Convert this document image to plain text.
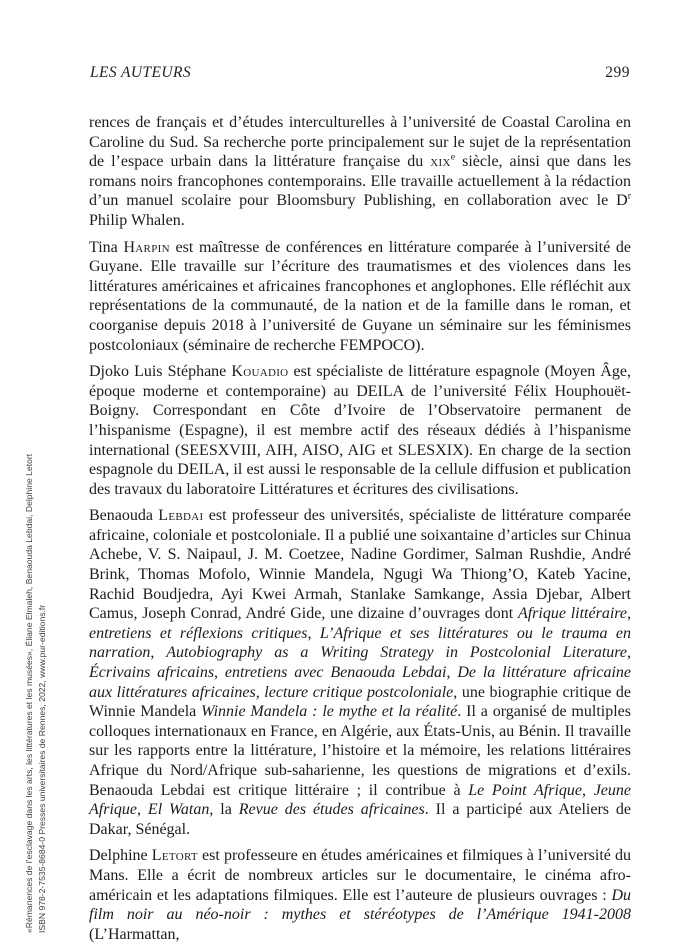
«Rémanences de l’esclavage dans les arts, les littératures et les musées», Éliane Elmaleh, Benaouda Lebdai, Delphine Letort ISBN 978-2-7535-8684-0 Presses universitaires de Rennes, 2022, www.pur-editions.fr
LES AUTEURS	299

rences de français et d’études interculturelles à l’université de Coastal Carolina en Caroline du Sud. Sa recherche porte principalement sur le sujet de la représentation de l’espace urbain dans la littérature française du xix$^e$ siècle, ainsi que dans les romans noirs francophones contemporains. Elle travaille actuellement à la rédaction d’un manuel scolaire pour Bloomsbury Publishing, en collaboration avec le $D^r$ Philip Whalen.

Tina Harpin est maîtresse de conférences en littérature comparée à l’université de Guyane. Elle travaille sur l’écriture des traumatismes et des violences dans les littératures américaines et africaines francophones et anglophones. Elle réfléchit aux représentations de la communauté, de la nation et de la famille dans le roman, et coorganise depuis 2018 à l’université de Guyane un séminaire sur les féminismes postcoloniaux (séminaire de recherche FEMPOCO).

Djoko Luis Stéphane Kouadio est spécialiste de littérature espagnole (Moyen Âge, époque moderne et contemporaine) au DEILA de l’université Félix Houphouët-Boigny. Correspondant en Côte d’Ivoire de l’Observatoire permanent de l’hispanisme (Espagne), il est membre actif des réseaux dédiés à l’hispanisme international (SEESXVIII, AIH, AISO, AIG et SLESXIX). En charge de la section espagnole du DEILA, il est aussi le responsable de la cellule diffusion et publication des travaux du laboratoire Littératures et écritures des civilisations.

Benaouda Lebdai est professeur des universités, spécialiste de littérature comparée africaine, coloniale et postcoloniale. Il a publié une soixantaine d’articles sur Chinua Achebe, V. S. Naipaul, J. M. Coetzee, Nadine Gordimer, Salman Rushdie, André Brink, Thomas Mofolo, Winnie Mandela, Ngugi Wa Thiong’O, Kateb Yacine, Rachid Boudjedra, Ayi Kwei Armah, Stanlake Samkange, Assia Djebar, Albert Camus, Joseph Conrad, André Gide, une dizaine d’ouvrages dont Afrique littéraire, entretiens et réflexions critiques, L’Afrique et ses littératures ou le trauma en narration, Autobiography as a Writing Strategy in Postcolonial Literature, Écrivains africains, entretiens avec Benaouda Lebdai, De la littérature africaine aux littératures africaines, lecture critique postcoloniale, une biographie critique de Winnie Mandela Winnie Mandela : le mythe et la réalité. Il a organisé de multiples colloques internationaux en France, en Algérie, aux États-Unis, au Bénin. Il travaille sur les rapports entre la littérature, l’histoire et la mémoire, les relations littéraires Afrique du Nord/Afrique sub-saharienne, les questions de migrations et d’exils. Benaouda Lebdai est critique littéraire ; il contribue à Le Point Afrique, Jeune Afrique, El Watan, la Revue des études africaines. Il a participé aux Ateliers de Dakar, Sénégal.

Delphine Letort est professeure en études américaines et filmiques à l’université du Mans. Elle a écrit de nombreux articles sur le documentaire, le cinéma afro-américain et les adaptations filmiques. Elle est l’auteure de plusieurs ouvrages : Du film noir au néo-noir : mythes et stéréotypes de l’Amérique 1941-2008 (L’Harmattan,
